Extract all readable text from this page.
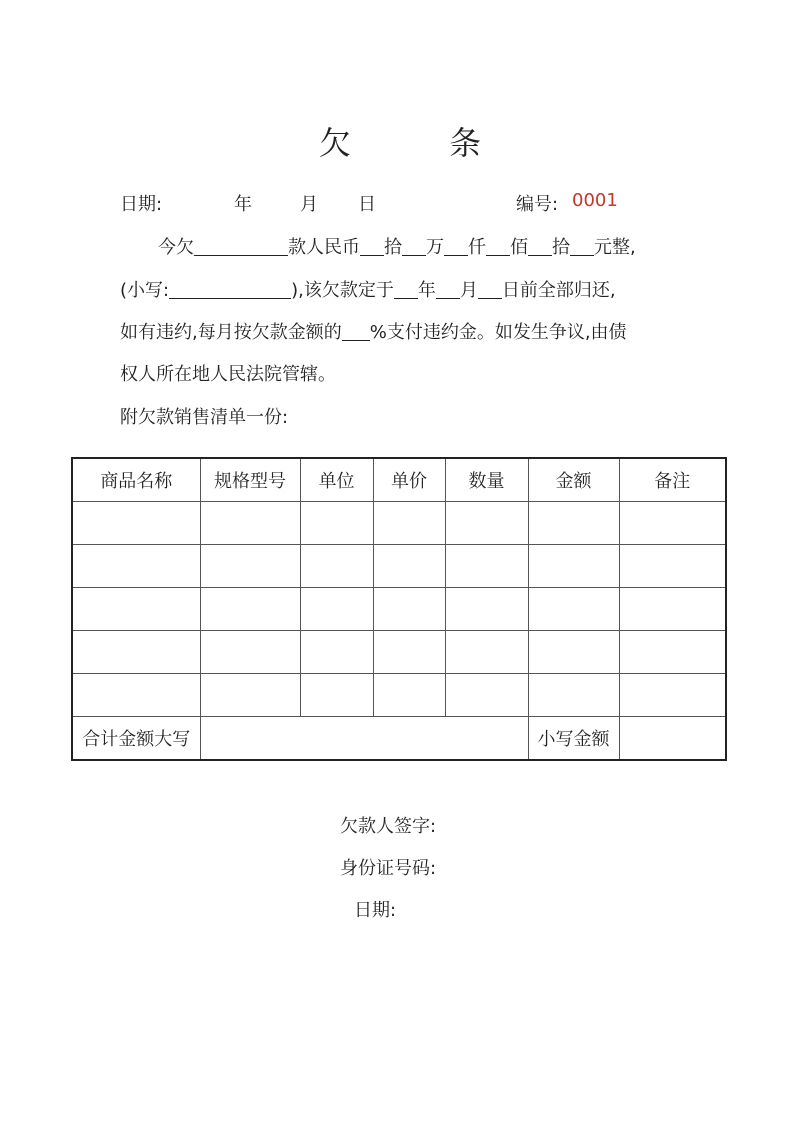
欠 条
日期:	年	月 日	编号: 0001
今欠	款人民币 拾 万 仟 佰 拾 元整,
(小写:	),该欠款定于 年 月 日前全部归还,
如有违约,每月按欠款金额的 %支付违约金。如发生争议,由债
权人所在地人民法院管辖。
附欠款销售清单一份:
商品名称	规格型号	单位	单价	数量	金额	备注

合计金额大写					小写金额	
欠款人签字:
身份证号码:
日期:
